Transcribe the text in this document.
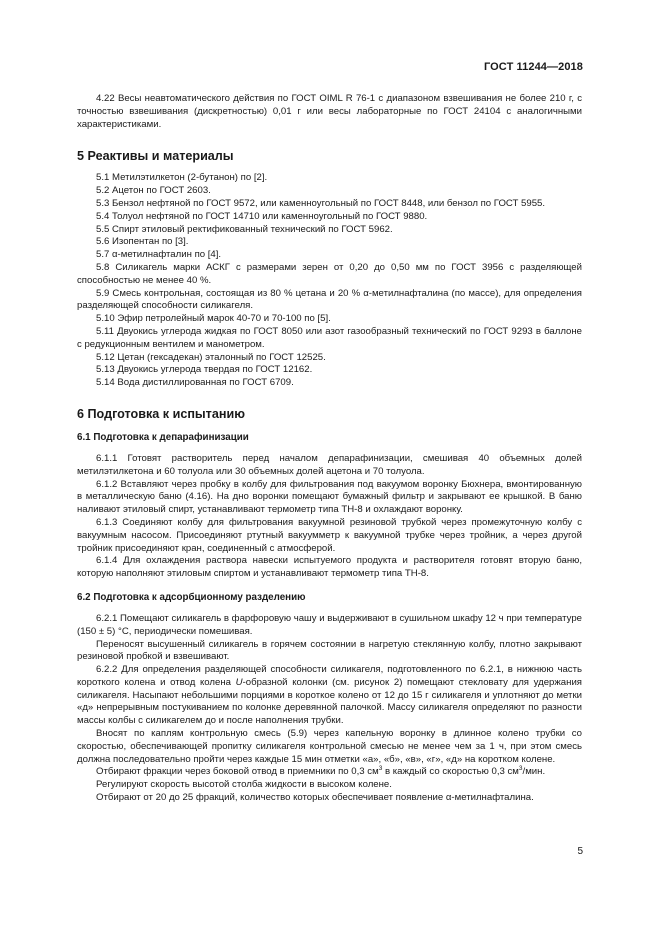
ГОСТ 11244—2018

4.22 Весы неавтоматического действия по ГОСТ OIML R 76-1 с диапазоном взвешивания не более 210 г, с точностью взвешивания (дискретностью) 0,01 г или весы лабораторные по ГОСТ 24104 с аналогичными характеристиками.

5 Реактивы и материалы

5.1 Метилэтилкетон (2-бутанон) по [2].

5.2 Ацетон по ГОСТ 2603.

5.3 Бензол нефтяной по ГОСТ 9572, или каменноугольный по ГОСТ 8448, или бензол по ГОСТ 5955.

5.4 Толуол нефтяной по ГОСТ 14710 или каменноугольный по ГОСТ 9880.

5.5 Спирт этиловый ректификованный технический по ГОСТ 5962.

5.6 Изопентан по [3].

5.7 α-метилнафталин по [4].

5.8 Силикагель марки АСКГ с размерами зерен от 0,20 до 0,50 мм по ГОСТ 3956 с разделяющей способностью не менее 40 %.

5.9 Смесь контрольная, состоящая из 80 % цетана и 20 % α-метилнафталина (по массе), для определения разделяющей способности силикагеля.

5.10 Эфир петролейный марок 40-70 и 70-100 по [5].

5.11 Двуокись углерода жидкая по ГОСТ 8050 или азот газообразный технический по ГОСТ 9293 в баллоне с редукционным вентилем и манометром.

5.12 Цетан (гексадекан) эталонный по ГОСТ 12525.

5.13 Двуокись углерода твердая по ГОСТ 12162.

5.14 Вода дистиллированная по ГОСТ 6709.

6 Подготовка к испытанию
6.1 Подготовка к депарафинизации

6.1.1 Готовят растворитель перед началом депарафинизации, смешивая 40 объемных долей метилэтилкетона и 60 толуола или 30 объемных долей ацетона и 70 толуола.

6.1.2 Вставляют через пробку в колбу для фильтрования под вакуумом воронку Бюхнера, вмонтированную в металлическую баню (4.16). На дно воронки помещают бумажный фильтр и закрывают ее крышкой. В баню наливают этиловый спирт, устанавливают термометр типа ТН-8 и охлаждают воронку.

6.1.3 Соединяют колбу для фильтрования вакуумной резиновой трубкой через промежуточную колбу с вакуумным насосом. Присоединяют ртутный вакуумметр к вакуумной трубке через тройник, а через другой тройник присоединяют кран, соединенный с атмосферой.

6.1.4 Для охлаждения раствора навески испытуемого продукта и растворителя готовят вторую баню, которую наполняют этиловым спиртом и устанавливают термометр типа ТН-8.

6.2 Подготовка к адсорбционному разделению

6.2.1 Помещают силикагель в фарфоровую чашу и выдерживают в сушильном шкафу 12 ч при температуре (150 ± 5) °С, периодически помешивая.

Переносят высушенный силикагель в горячем состоянии в нагретую стеклянную колбу, плотно закрывают резиновой пробкой и взвешивают.

6.2.2 Для определения разделяющей способности силикагеля, подготовленного по 6.2.1, в нижнюю часть короткого колена и отвод колена U-образной колонки (см. рисунок 2) помещают стекловату для удержания силикагеля. Насыпают небольшими порциями в короткое колено от 12 до 15 г силикагеля и уплотняют до метки «д» непрерывным постукиванием по колонке деревянной палочкой. Массу силикагеля определяют по разности массы колбы с силикагелем до и после наполнения трубки.

Вносят по каплям контрольную смесь (5.9) через капельную воронку в длинное колено трубки со скоростью, обеспечивающей пропитку силикагеля контрольной смесью не менее чем за 1 ч, при этом смесь должна последовательно пройти через каждые 15 мин отметки «а», «б», «в», «г», «д» на коротком колене.

Отбирают фракции через боковой отвод в приемники по 0,3 $см^3$ в каждый со скоростью 0,3 $см^3$/мин.

Регулируют скорость высотой столба жидкости в высоком колене.

Отбирают от 20 до 25 фракций, количество которых обеспечивает появление α-метилнафталина.

5
